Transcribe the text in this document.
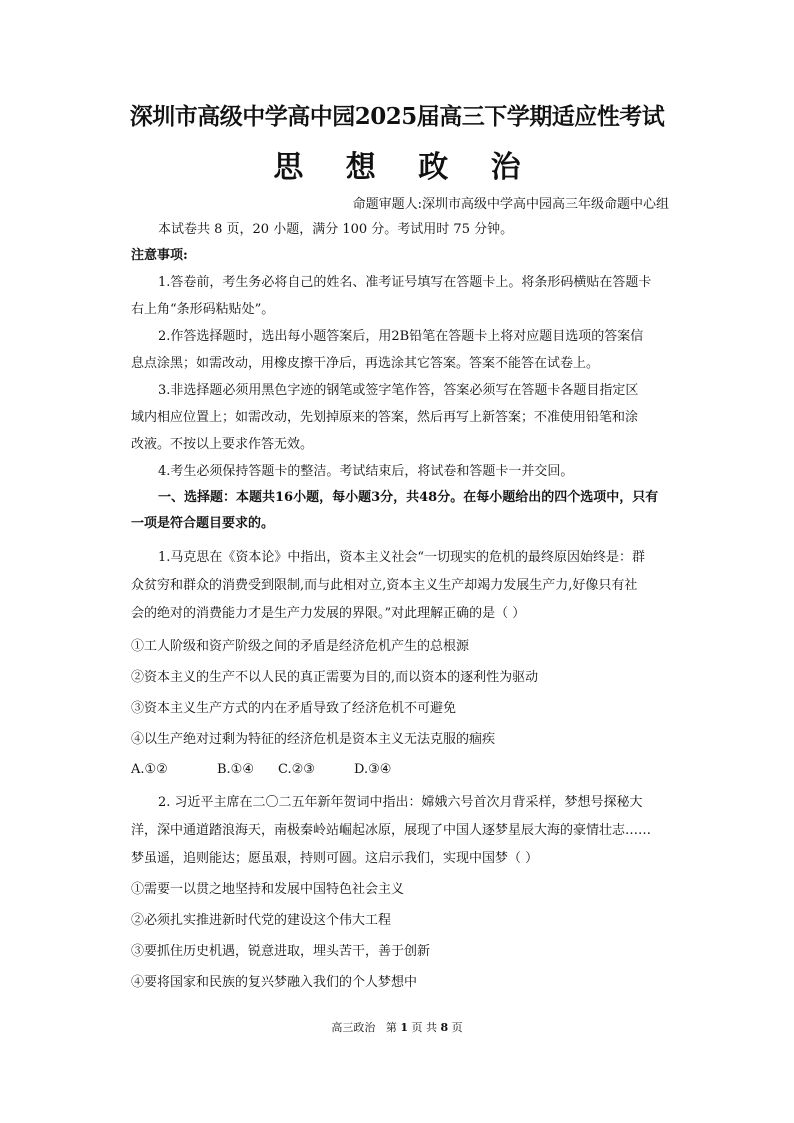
深圳市高级中学高中园2025届高三下学期适应性考试
思 想 政 治
命题审题人:深圳市高级中学高中园高三年级命题中心组
本试卷共 8 页，20 小题，满分 100 分。考试用时 75 分钟。
注意事项:
1.答卷前，考生务必将自己的姓名、准考证号填写在答题卡上。将条形码横贴在答题卡
右上角“条形码粘贴处”。
2.作答选择题时，选出每小题答案后，用2B铅笔在答题卡上将对应题目选项的答案信
息点涂黑；如需改动，用橡皮擦干净后，再选涂其它答案。答案不能答在试卷上。
3.非选择题必须用黑色字迹的钢笔或签字笔作答，答案必须写在答题卡各题目指定区
域内相应位置上；如需改动，先划掉原来的答案，然后再写上新答案；不准使用铅笔和涂
改液。不按以上要求作答无效。
4.考生必须保持答题卡的整洁。考试结束后，将试卷和答题卡一并交回。
一、选择题：本题共16小题，每小题3分，共48分。在每小题给出的四个选项中，只有
一项是符合题目要求的。
1.马克思在《资本论》中指出，资本主义社会“一切现实的危机的最终原因始终是：群
众贫穷和群众的消费受到限制,而与此相对立,资本主义生产却竭力发展生产力,好像只有社
会的绝对的消费能力才是生产力发展的界限。”对此理解正确的是（ ）
①工人阶级和资产阶级之间的矛盾是经济危机产生的总根源
②资本主义的生产不以人民的真正需要为目的,而以资本的逐利性为驱动
③资本主义生产方式的内在矛盾导致了经济危机不可避免
④以生产绝对过剩为特征的经济危机是资本主义无法克服的痼疾
A.①②	B.①④ C.②③	D.③④
2. 习近平主席在二〇二五年新年贺词中指出：嫦娥六号首次月背采样，梦想号探秘大
洋，深中通道踏浪海天，南极秦岭站崛起冰原，展现了中国人逐梦星辰大海的豪情壮志……
梦虽遥，追则能达；愿虽艰，持则可圆。这启示我们，实现中国梦（ ）
①需要一以贯之地坚持和发展中国特色社会主义
②必须扎实推进新时代党的建设这个伟大工程
③要抓住历史机遇，锐意进取，埋头苦干，善于创新
④要将国家和民族的复兴梦融入我们的个人梦想中
高三政治 第 1 页 共 8 页
